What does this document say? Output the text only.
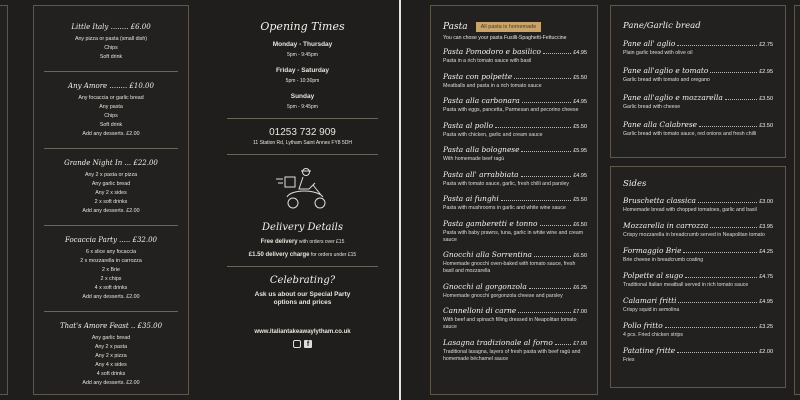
Little Italy ........ £6.00
Any pizza or pasta (small dish)
Chips
Soft drink
Any Amore ........ £10.00
Any focaccia or garlic bread
Any pasta
Chips
Soft drink
Add any desserts. £2.00
Grande Night In ... £22.00
Any 2 x pasta or pizza
Any garlic bread
Any 2 x sides
2 x soft drinks
Add any desserts. £2.00
Focaccia Party ..... £32.00
6 x slice any focaccia
2 x mozzarella in carrozza
2 x Brie
2 x chips
4 x soft drinks
Add any desserts. £2.00
That's Amore Feast .. £35.00
Any garlic bread
Any 2 x pasta
Any 2 x pizza
Any 4 x sides
4 soft drinks
Add any desserts. £2.00
Opening Times
Monday - Thursday
5pm - 9:45pm
Friday - Saturday
5pm - 10:30pm
Sunday
5pm - 9:45pm
01253 732 909
11 Station Rd, Lytham Saint Annes FY8 5DH
Delivery Details
Free delivery with orders over £15
£1.50 delivery charge for orders under £15
Celebrating?
Ask us about our Special Party options and prices
www.italiantakeawaylytham.co.uk
f
Pasta	All pasta is homemade
You can chose your pasta Fusilli-Spaghetti-Fettuccine
Pasta Pomodoro e basilico	£4.95
Pasta in a rich tomato sauce with basil
Pasta con polpette	£5.50
Meatballs and pasta in a rich tomato sauce
Pasta alla carbonara	£4.95
Pasta with eggs, pancetta, Parmesan and pecorino cheese
Pasta al pollo	£5.50
Pasta with chicken, garlic and cream sauce
Pasta alla bolognese	£5.95
With homemade beef ragù
Pasta all' arrabbiata	£4.95
Pasta with tomato sauce, garlic, fresh chilli and parsley
Pasta ai funghi	£5.50
Pasta with mushrooms in garlic and white wine sauce
Pasta gamberetti e tonno	£6.50
Pasta with baby prawns, tuna, garlic in white wine and cream sauce
Gnocchi alla Sorrentina	£6.50
Homemade gnocchi oven-baked with tomato sauce, fresh basil and mozzarella
Gnocchi al gorgonzola	£6.25
Homemade gnocchi gorgonzola cheese and parsley
Cannelloni di carne	£7.00
With beef and spinach filling dressed in Neapolitan tomato sauce
Lasagna tradizionale al forno	£7.00
Traditional lasagna, layers of fresh pasta with beef ragù and homemade béchamel sauce
Pane/Garlic bread
Pane all' aglio	£2.75
Plain garlic bread with olive oil
Pane all'aglio e tomato	£2.95
Garlic bread with tomato and oregano
Pane all'aglio e mozzarella	£3.50
Garlic bread with cheese
Pane alla Calabrese	£3.50
Garlic bread with tomato sauce, red onions and fresh chilli
Sides
Bruschetta classica	£3.00
Homemade bread with chopped tomatoes, garlic and basil
Mozzarella in carrozza	£3.95
Crispy mozzarella in breadcrumb served in Neapolitan tomato
Formaggio Brie	£4.25
Brie cheese in breadcrumb coating
Polpette al sugo	£4.75
Traditional Italian meatball served in rich tomato sauce
Calamari fritti	£4.95
Crispy squid in semolina
Pollo fritto	£3.25
4 pcs. Fried chicken strips
Patatine fritte	£2.00
Fries
